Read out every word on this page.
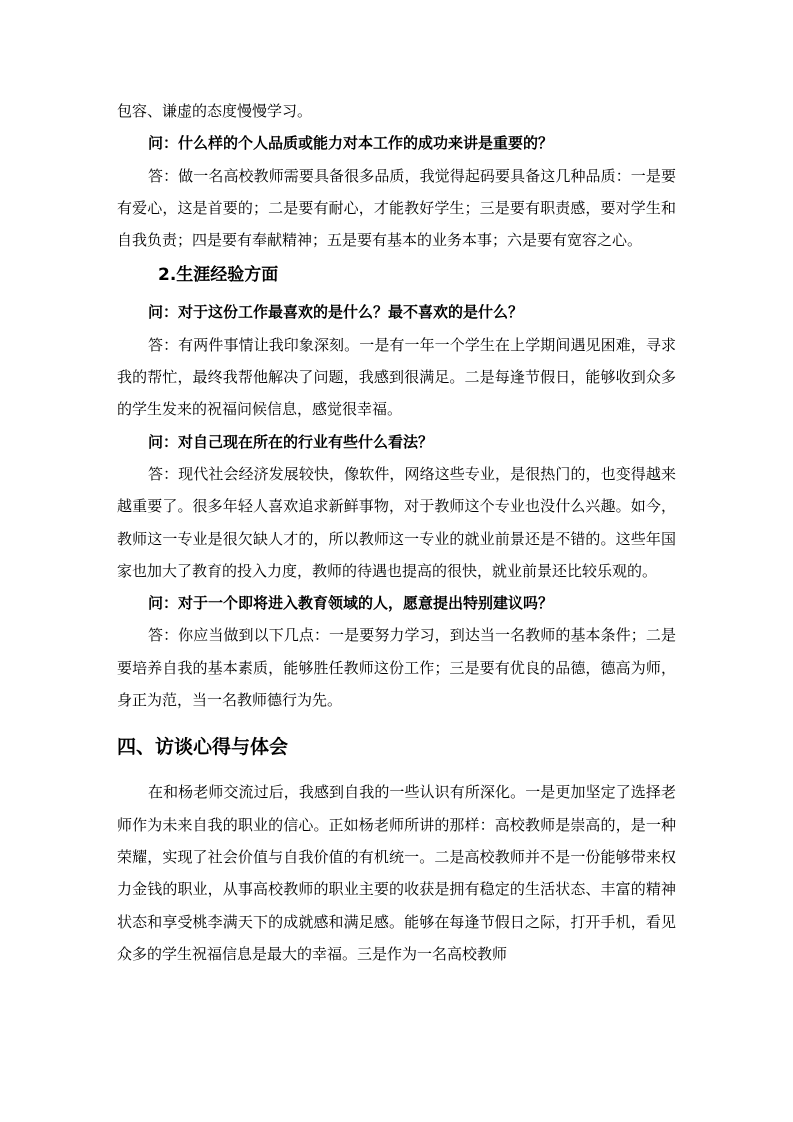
包容、谦虚的态度慢慢学习。

问：什么样的个人品质或能力对本工作的成功来讲是重要的？

答：做一名高校教师需要具备很多品质，我觉得起码要具备这几种品质：一是要有爱心，这是首要的；二是要有耐心，才能教好学生；三是要有职责感，要对学生和自我负责；四是要有奉献精神；五是要有基本的业务本事；六是要有宽容之心。

2.生涯经验方面

问：对于这份工作最喜欢的是什么？最不喜欢的是什么？

答：有两件事情让我印象深刻。一是有一年一个学生在上学期间遇见困难，寻求我的帮忙，最终我帮他解决了问题，我感到很满足。二是每逢节假日，能够收到众多的学生发来的祝福问候信息，感觉很幸福。

问：对自己现在所在的行业有些什么看法？

答：现代社会经济发展较快，像软件，网络这些专业，是很热门的，也变得越来越重要了。很多年轻人喜欢追求新鲜事物，对于教师这个专业也没什么兴趣。如今，教师这一专业是很欠缺人才的，所以教师这一专业的就业前景还是不错的。这些年国家也加大了教育的投入力度，教师的待遇也提高的很快，就业前景还比较乐观的。

问：对于一个即将进入教育领域的人，愿意提出特别建议吗？

答：你应当做到以下几点：一是要努力学习，到达当一名教师的基本条件；二是要培养自我的基本素质，能够胜任教师这份工作；三是要有优良的品德，德高为师，身正为范，当一名教师德行为先。

四、访谈心得与体会

在和杨老师交流过后，我感到自我的一些认识有所深化。一是更加坚定了选择老师作为未来自我的职业的信心。正如杨老师所讲的那样：高校教师是崇高的，是一种荣耀，实现了社会价值与自我价值的有机统一。二是高校教师并不是一份能够带来权力金钱的职业，从事高校教师的职业主要的收获是拥有稳定的生活状态、丰富的精神状态和享受桃李满天下的成就感和满足感。能够在每逢节假日之际，打开手机，看见众多的学生祝福信息是最大的幸福。三是作为一名高校教师
